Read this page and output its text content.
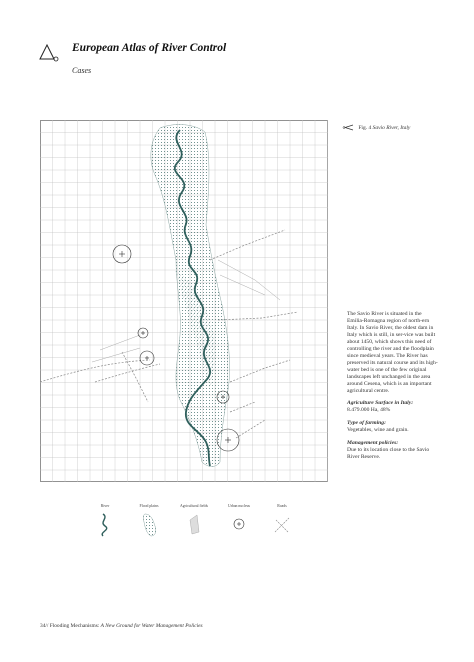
European Atlas of River Control
Cases
Fig. 4 Savio River, Italy

The Savio River is situated in the Emilia-Romagna region of north-ern Italy. In Savio River, the oldest dam in Italy which is still, in ser-vice was built about 1450, which shows this need of controlling the river and the floodplain since medieval years. The River has preserved its natural course and its high-water bed is one of the few original landscapes left unchanged in the area around Cesena, which is an important agricultural centre.

Agriculture Surface in Italy:

8.479.000 Ha, 48%

Type of farming:

Vegetables, wine and grain.

Management policies:

Due to its location close to the Savio River Reserve.

River	Flood plains	Agricultural fields	Urban nucleus	Roads
34// Flooding Mechanisms: A New Ground for Water Management Policies
